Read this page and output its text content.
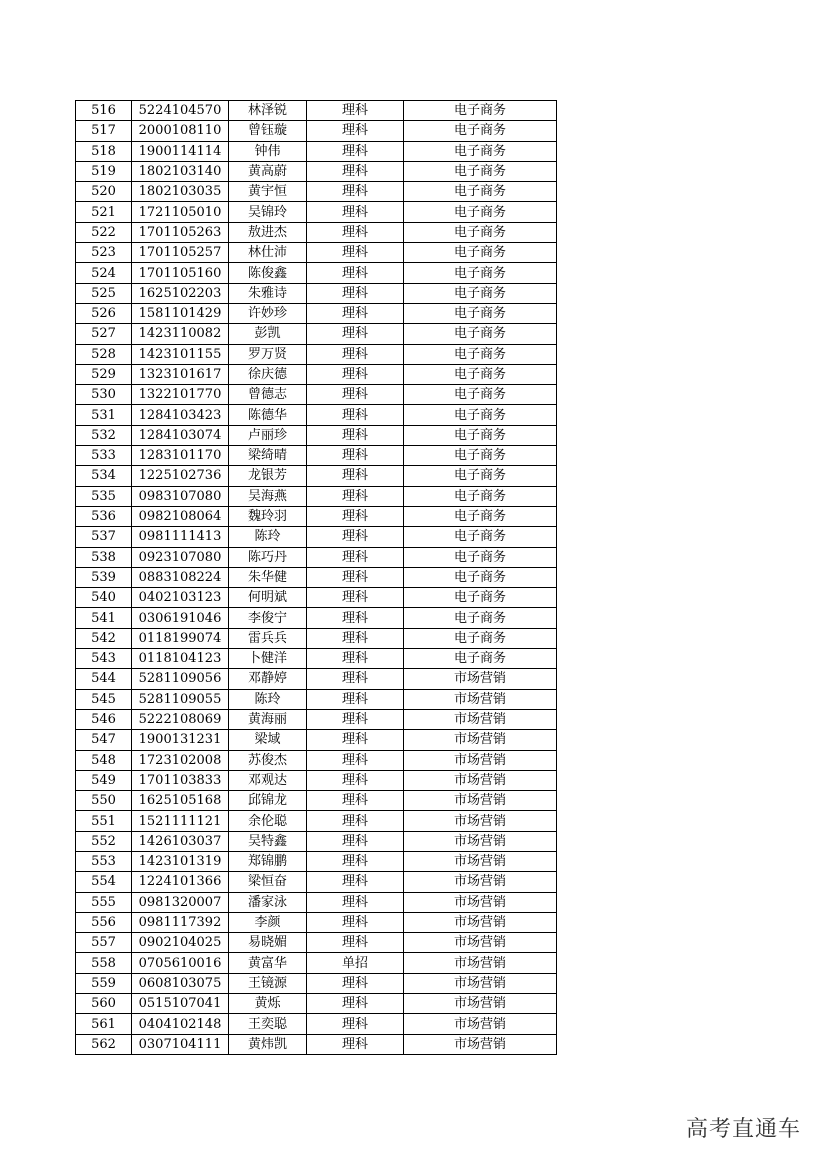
516	5224104570	林泽锐	理科	电子商务
517	2000108110	曾钰璇	理科	电子商务
518	1900114114	钟伟	理科	电子商务
519	1802103140	黄高蔚	理科	电子商务
520	1802103035	黄宇恒	理科	电子商务
521	1721105010	吴锦玲	理科	电子商务
522	1701105263	敖进杰	理科	电子商务
523	1701105257	林仕沛	理科	电子商务
524	1701105160	陈俊鑫	理科	电子商务
525	1625102203	朱雅诗	理科	电子商务
526	1581101429	许妙珍	理科	电子商务
527	1423110082	彭凯	理科	电子商务
528	1423101155	罗万贤	理科	电子商务
529	1323101617	徐庆德	理科	电子商务
530	1322101770	曾德志	理科	电子商务
531	1284103423	陈德华	理科	电子商务
532	1284103074	卢丽珍	理科	电子商务
533	1283101170	梁绮晴	理科	电子商务
534	1225102736	龙银芳	理科	电子商务
535	0983107080	吴海燕	理科	电子商务
536	0982108064	魏玲羽	理科	电子商务
537	0981111413	陈玲	理科	电子商务
538	0923107080	陈巧丹	理科	电子商务
539	0883108224	朱华健	理科	电子商务
540	0402103123	何明斌	理科	电子商务
541	0306191046	李俊宁	理科	电子商务
542	0118199074	雷兵兵	理科	电子商务
543	0118104123	卜健洋	理科	电子商务
544	5281109056	邓静婷	理科	市场营销
545	5281109055	陈玲	理科	市场营销
546	5222108069	黄海丽	理科	市场营销
547	1900131231	梁域	理科	市场营销
548	1723102008	苏俊杰	理科	市场营销
549	1701103833	邓观达	理科	市场营销
550	1625105168	邱锦龙	理科	市场营销
551	1521111121	余伦聪	理科	市场营销
552	1426103037	吴特鑫	理科	市场营销
553	1423101319	郑锦鹏	理科	市场营销
554	1224101366	梁恒奋	理科	市场营销
555	0981320007	潘家泳	理科	市场营销
556	0981117392	李颜	理科	市场营销
557	0902104025	易晓媚	理科	市场营销
558	0705610016	黄富华	单招	市场营销
559	0608103075	王镜源	理科	市场营销
560	0515107041	黄烁	理科	市场营销
561	0404102148	王奕聪	理科	市场营销
562	0307104111	黄炜凯	理科	市场营销
高考直通车
